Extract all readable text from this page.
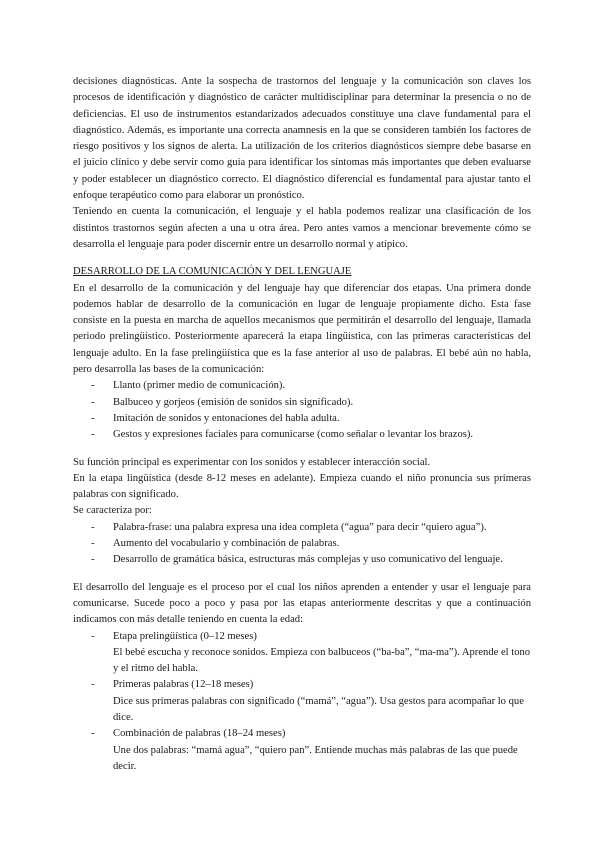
decisiones diagnósticas. Ante la sospecha de trastornos del lenguaje y la comunicación son claves los procesos de identificación y diagnóstico de carácter multidisciplinar para determinar la presencia o no de deficiencias. El uso de instrumentos estandarizados adecuados constituye una clave fundamental para el diagnóstico. Además, es importante una correcta anamnesis en la que se consideren también los factores de riesgo positivos y los signos de alerta. La utilización de los criterios diagnósticos siempre debe basarse en el juicio clínico y debe servir como guía para identificar los síntomas más importantes que deben evaluarse y poder establecer un diagnóstico correcto. El diagnóstico diferencial es fundamental para ajustar tanto el enfoque terapéutico como para elaborar un pronóstico.

Teniendo en cuenta la comunicación, el lenguaje y el habla podemos realizar una clasificación de los distintos trastornos según afecten a una u otra área. Pero antes vamos a mencionar brevemente cómo se desarrolla el lenguaje para poder discernir entre un desarrollo normal y atípico.

DESARROLLO DE LA COMUNICACIÓN Y DEL LENGUAJE

En el desarrollo de la comunicación y del lenguaje hay que diferenciar dos etapas. Una primera donde podemos hablar de desarrollo de la comunicación en lugar de lenguaje propiamente dicho. Esta fase consiste en la puesta en marcha de aquellos mecanismos que permitirán el desarrollo del lenguaje, llamada periodo prelingüístico. Posteriormente aparecerá la etapa lingüística, con las primeras características del lenguaje adulto. En la fase prelingüística que es la fase anterior al uso de palabras. El bebé aún no habla, pero desarrolla las bases de la comunicación:

- Llanto (primer medio de comunicación).
- Balbuceo y gorjeos (emisión de sonidos sin significado).
- Imitación de sonidos y entonaciones del habla adulta.
- Gestos y expresiones faciales para comunicarse (como señalar o levantar los brazos).

Su función principal es experimentar con los sonidos y establecer interacción social.

En la etapa lingüística (desde 8-12 meses en adelante). Empieza cuando el niño pronuncia sus primeras palabras con significado.

Se caracteriza por:

- Palabra-frase: una palabra expresa una idea completa (“agua” para decir “quiero agua”).
- Aumento del vocabulario y combinación de palabras.
- Desarrollo de gramática básica, estructuras más complejas y uso comunicativo del lenguaje.

El desarrollo del lenguaje es el proceso por el cual los niños aprenden a entender y usar el lenguaje para comunicarse. Sucede poco a poco y pasa por las etapas anteriormente descritas y que a continuación indicamos con más detalle teniendo en cuenta la edad:

- Etapa prelingüística (0–12 meses)
El bebé escucha y reconoce sonidos. Empieza con balbuceos (“ba-ba”, “ma-ma”). Aprende el tono y el ritmo del habla.
- Primeras palabras (12–18 meses)
Dice sus primeras palabras con significado (“mamá”, “agua”). Usa gestos para acompañar lo que dice.
- Combinación de palabras (18–24 meses)
Une dos palabras: “mamá agua”, “quiero pan”. Entiende muchas más palabras de las que puede decir.
